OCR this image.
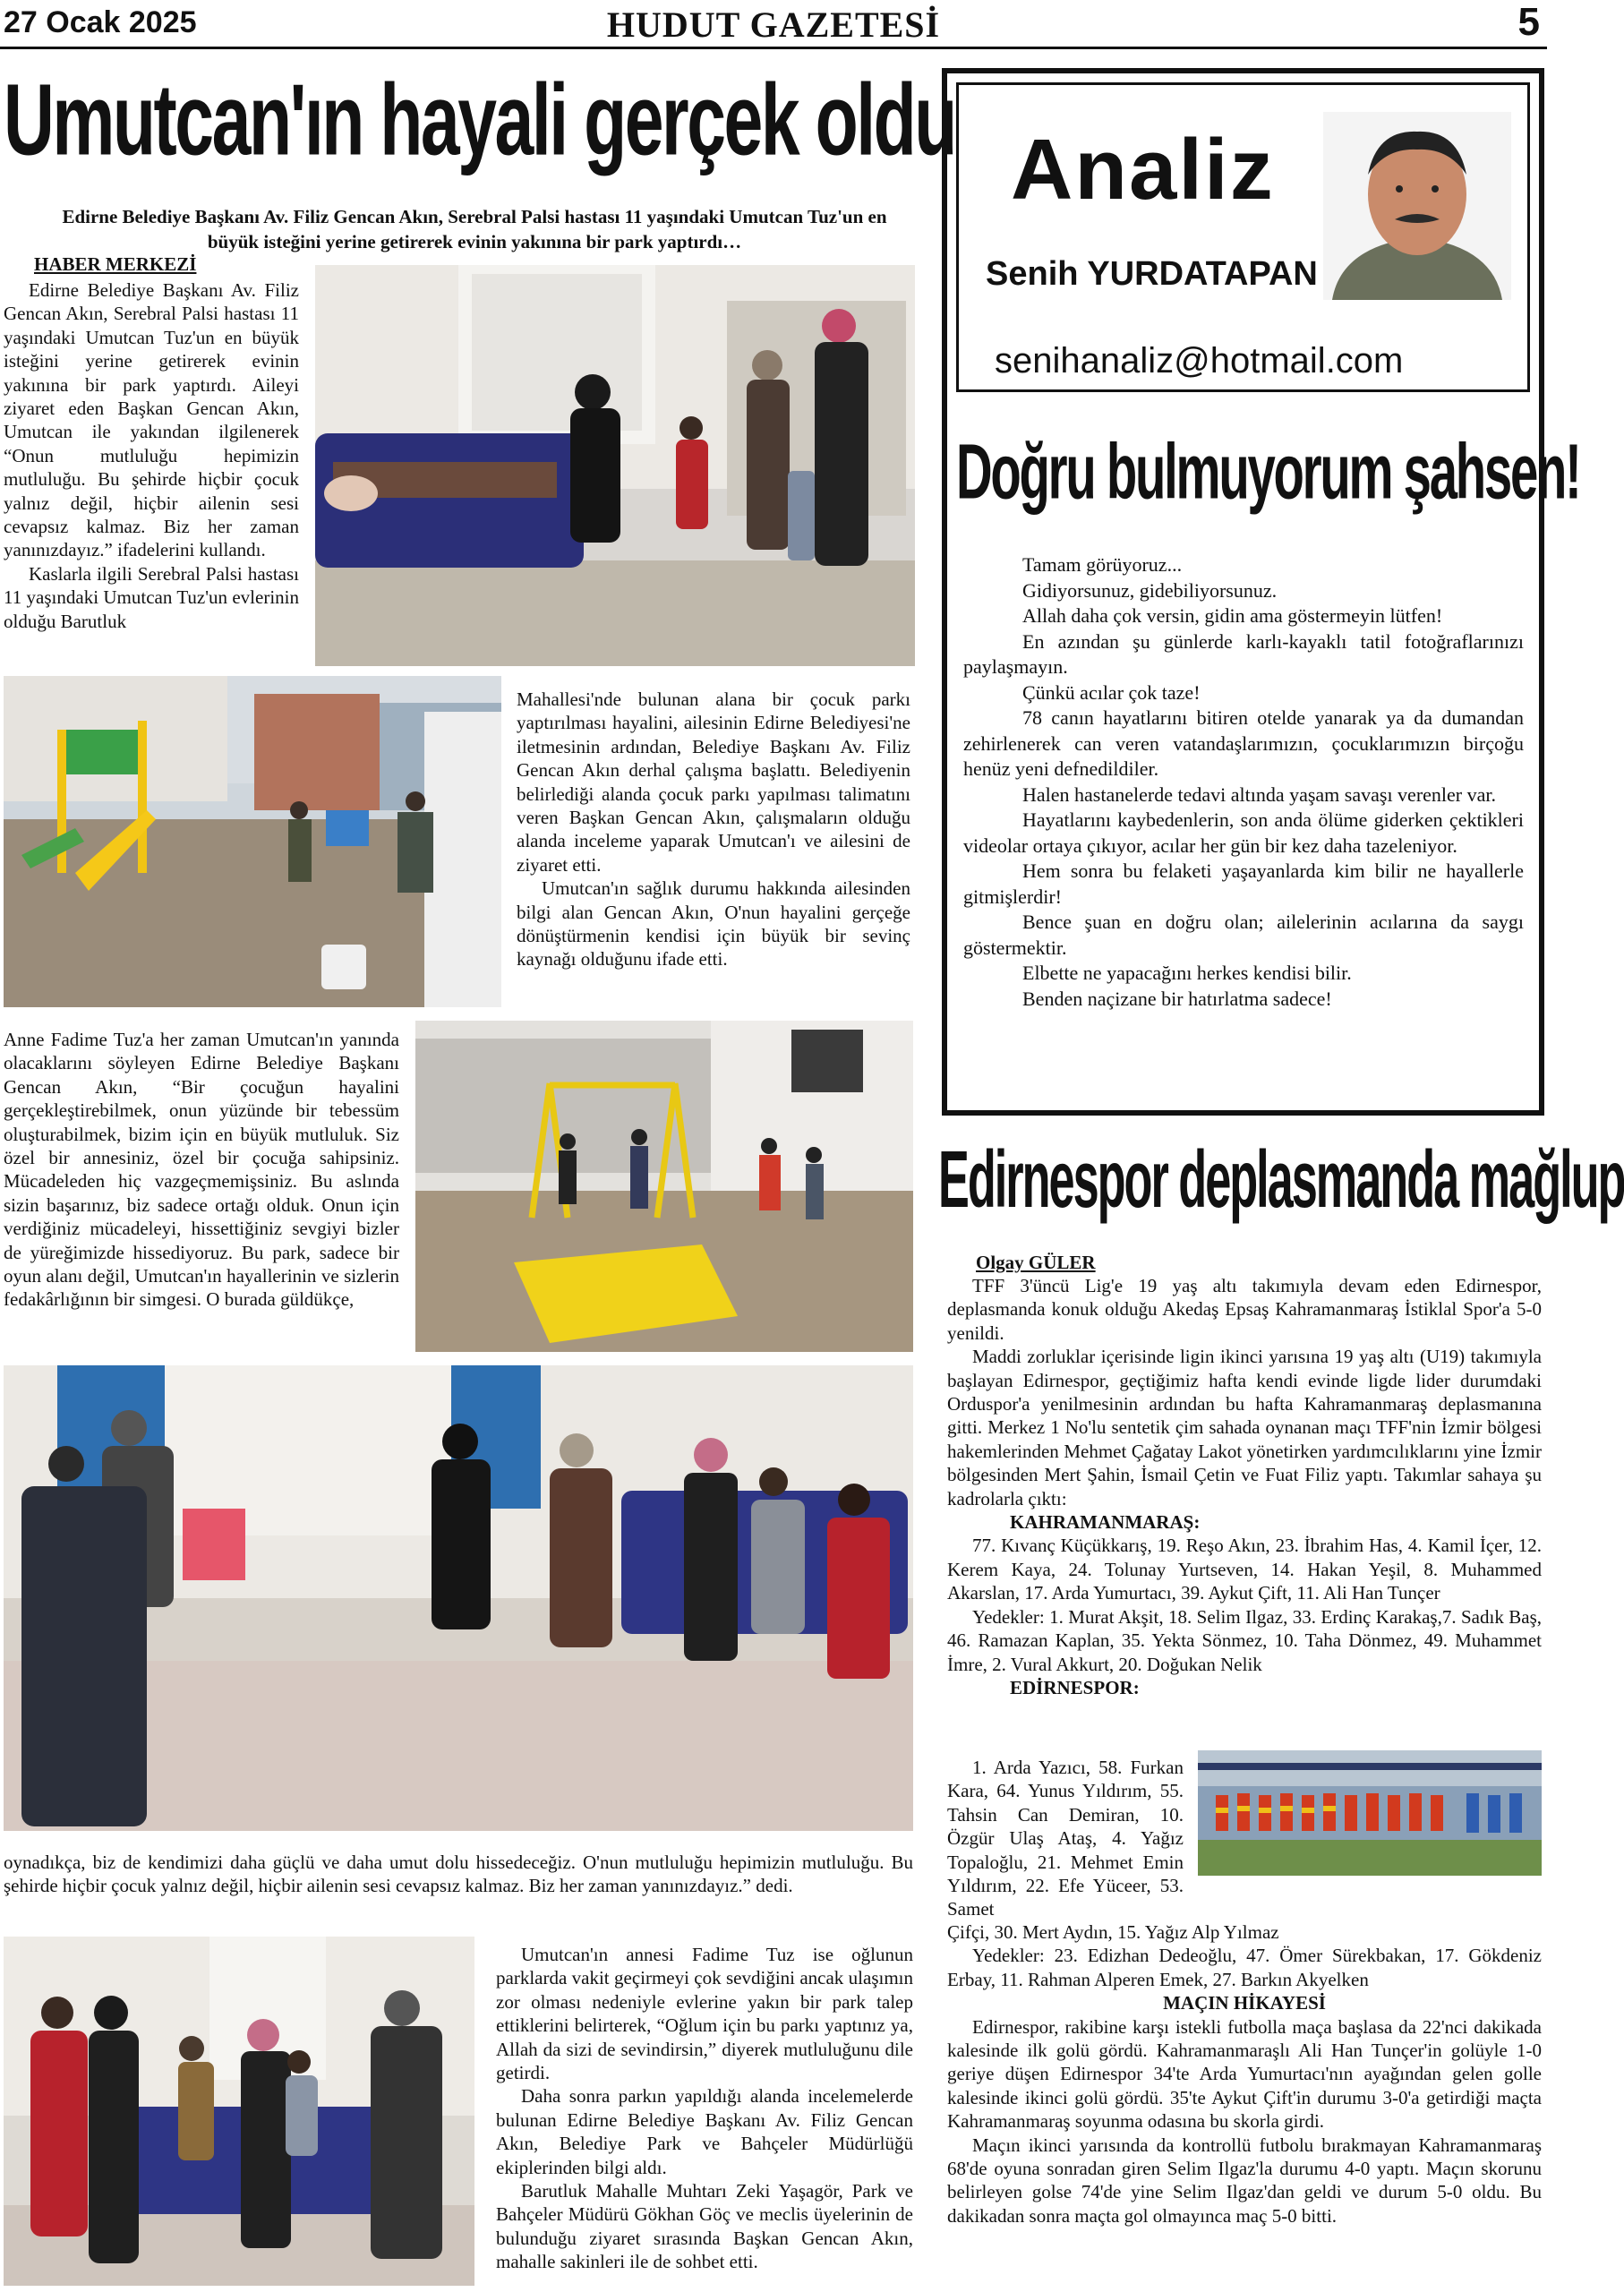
27 Ocak 2025	HUDUT GAZETESİ	5
Umutcan'ın hayali gerçek oldu
Edirne Belediye Başkanı Av. Filiz Gencan Akın, Serebral Palsi hastası 11 yaşındaki Umutcan Tuz'un en büyük isteğini yerine getirerek evinin yakınına bir park yaptırdı…
HABER MERKEZİ

Edirne Belediye Başkanı Av. Filiz Gencan Akın, Serebral Palsi hastası 11 yaşındaki Umutcan Tuz'un en büyük isteğini yerine getirerek evinin yakınına bir park yaptırdı. Aileyi ziyaret eden Başkan Gencan Akın, Umutcan ile yakından ilgilenerek “Onun mutluluğu hepimizin mutluluğu. Bu şehirde hiçbir çocuk yalnız değil, hiçbir ailenin sesi cevapsız kalmaz. Biz her zaman yanınızdayız.” ifadelerini kullandı.

Kaslarla ilgili Serebral Palsi hastası 11 yaşındaki Umutcan Tuz'un evlerinin olduğu Barutluk

Mahallesi'nde bulunan alana bir çocuk parkı yaptırılması hayalini, ailesinin Edirne Belediyesi'ne iletmesinin ardından, Belediye Başkanı Av. Filiz Gencan Akın derhal çalışma başlattı. Belediyenin belirlediği alanda çocuk parkı yapılması talimatını veren Başkan Gencan Akın, çalışmaların olduğu alanda inceleme yaparak Umutcan'ı ve ailesini de ziyaret etti.

Umutcan'ın sağlık durumu hakkında ailesinden bilgi alan Gencan Akın, O'nun hayalini gerçeğe dönüştürmenin kendisi için büyük bir sevinç kaynağı olduğunu ifade etti.

Anne Fadime Tuz'a her zaman Umutcan'ın yanında olacaklarını söyleyen Edirne Belediye Başkanı Gencan Akın, “Bir çocuğun hayalini gerçekleştirebilmek, onun yüzünde bir tebessüm oluşturabilmek, bizim için en büyük mutluluk. Siz özel bir annesiniz, özel bir çocuğa sahipsiniz. Mücadeleden hiç vazgeçmemişsiniz. Bu aslında sizin başarınız, biz sadece ortağı olduk. Onun için verdiğiniz mücadeleyi, hissettiğiniz sevgiyi bizler de yüreğimizde hissediyoruz. Bu park, sadece bir oyun alanı değil, Umutcan'ın hayallerinin ve sizlerin fedakârlığının bir simgesi. O burada güldükçe,

oynadıkça, biz de kendimizi daha güçlü ve daha umut dolu hissedeceğiz. O'nun mutluluğu hepimizin mutluluğu. Bu şehirde hiçbir çocuk yalnız değil, hiçbir ailenin sesi cevapsız kalmaz. Biz her zaman yanınızdayız.” dedi.

Umutcan'ın annesi Fadime Tuz ise oğlunun parklarda vakit geçirmeyi çok sevdiğini ancak ulaşımın zor olması nedeniyle evlerine yakın bir park talep ettiklerini belirterek, “Oğlum için bu parkı yaptınız ya, Allah da sizi de sevindirsin,” diyerek mutluluğunu dile getirdi.

Daha sonra parkın yapıldığı alanda incelemelerde bulunan Edirne Belediye Başkanı Av. Filiz Gencan Akın, Belediye Park ve Bahçeler Müdürlüğü ekiplerinden bilgi aldı.

Barutluk Mahalle Muhtarı Zeki Yaşagör, Park ve Bahçeler Müdürü Gökhan Göç ve meclis üyelerinin de bulunduğu ziyaret sırasında Başkan Gencan Akın, mahalle sakinleri ile de sohbet etti.

Analiz
Senih YURDATAPAN
senihanaliz@hotmail.com
Doğru bulmuyorum şahsen!

Tamam görüyoruz...

Gidiyorsunuz, gidebiliyorsunuz.

Allah daha çok versin, gidin ama göstermeyin lütfen!

En azından şu günlerde karlı-kayaklı tatil fotoğraflarınızı paylaşmayın.

Çünkü acılar çok taze!

78 canın hayatlarını bitiren otelde yanarak ya da dumandan zehirlenerek can veren vatandaşlarımızın, çocuklarımızın birçoğu henüz yeni defnedildiler.

Halen hastanelerde tedavi altında yaşam savaşı verenler var.

Hayatlarını kaybedenlerin, son anda ölüme giderken çektikleri videolar ortaya çıkıyor, acılar her gün bir kez daha tazeleniyor.

Hem sonra bu felaketi yaşayanlarda kim bilir ne hayallerle gitmişlerdir!

Bence şuan en doğru olan; ailelerinin acılarına da saygı göstermektir.

Elbette ne yapacağını herkes kendisi bilir.

Benden naçizane bir hatırlatma sadece!

Edirnespor deplasmanda mağlup
Olgay GÜLER

TFF 3'üncü Lig'e 19 yaş altı takımıyla devam eden Edirnespor, deplasmanda konuk olduğu Akedaş Epsaş Kahramanmaraş İstiklal Spor'a 5-0 yenildi.

Maddi zorluklar içerisinde ligin ikinci yarısına 19 yaş altı (U19) takımıyla başlayan Edirnespor, geçtiğimiz hafta kendi evinde ligde lider durumdaki Orduspor'a yenilmesinin ardından bu hafta Kahramanmaraş deplasmanına gitti. Merkez 1 No'lu sentetik çim sahada oynanan maçı TFF'nin İzmir bölgesi hakemlerinden Mehmet Çağatay Lakot yönetirken yardımcılıklarını yine İzmir bölgesinden Mert Şahin, İsmail Çetin ve Fuat Filiz yaptı. Takımlar sahaya şu kadrolarla çıktı:

KAHRAMANMARAŞ:

77. Kıvanç Küçükkarış, 19. Reşo Akın, 23. İbrahim Has, 4. Kamil İçer, 12. Kerem Kaya, 24. Tolunay Yurtseven, 14. Hakan Yeşil, 8. Muhammed Akarslan, 17. Arda Yumurtacı, 39. Aykut Çift, 11. Ali Han Tunçer

Yedekler: 1. Murat Akşit, 18. Selim Ilgaz, 33. Erdinç Karakaş,7. Sadık Baş, 46. Ramazan Kaplan, 35. Yekta Sönmez, 10. Taha Dönmez, 49. Muhammet İmre, 2. Vural Akkurt, 20. Doğukan Nelik

EDİRNESPOR:

1. Arda Yazıcı, 58. Furkan Kara, 64. Yunus Yıldırım, 55. Tahsin Can Demiran, 10. Özgür Ulaş Ataş, 4. Yağız Topaloğlu, 21. Mehmet Emin Yıldırım, 22. Efe Yüceer, 53. Samet

Çifçi, 30. Mert Aydın, 15. Yağız Alp Yılmaz

Yedekler: 23. Edizhan Dedeoğlu, 47. Ömer Sürekbakan, 17. Gökdeniz Erbay, 11. Rahman Alperen Emek, 27. Barkın Akyelken

MAÇIN HİKAYESİ

Edirnespor, rakibine karşı istekli futbolla maça başlasa da 22'nci dakikada kalesinde ilk golü gördü. Kahramanmaraşlı Ali Han Tunçer'in golüyle 1-0 geriye düşen Edirnespor 34'te Arda Yumurtacı'nın ayağından gelen golle kalesinde ikinci golü gördü. 35'te Aykut Çift'in durumu 3-0'a getirdiği maçta Kahramanmaraş soyunma odasına bu skorla girdi.

Maçın ikinci yarısında da kontrollü futbolu bırakmayan Kahramanmaraş 68'de oyuna sonradan giren Selim Ilgaz'la durumu 4-0 yaptı. Maçın skorunu belirleyen golse 74'de yine Selim Ilgaz'dan geldi ve durum 5-0 oldu. Bu dakikadan sonra maçta gol olmayınca maç 5-0 bitti.
